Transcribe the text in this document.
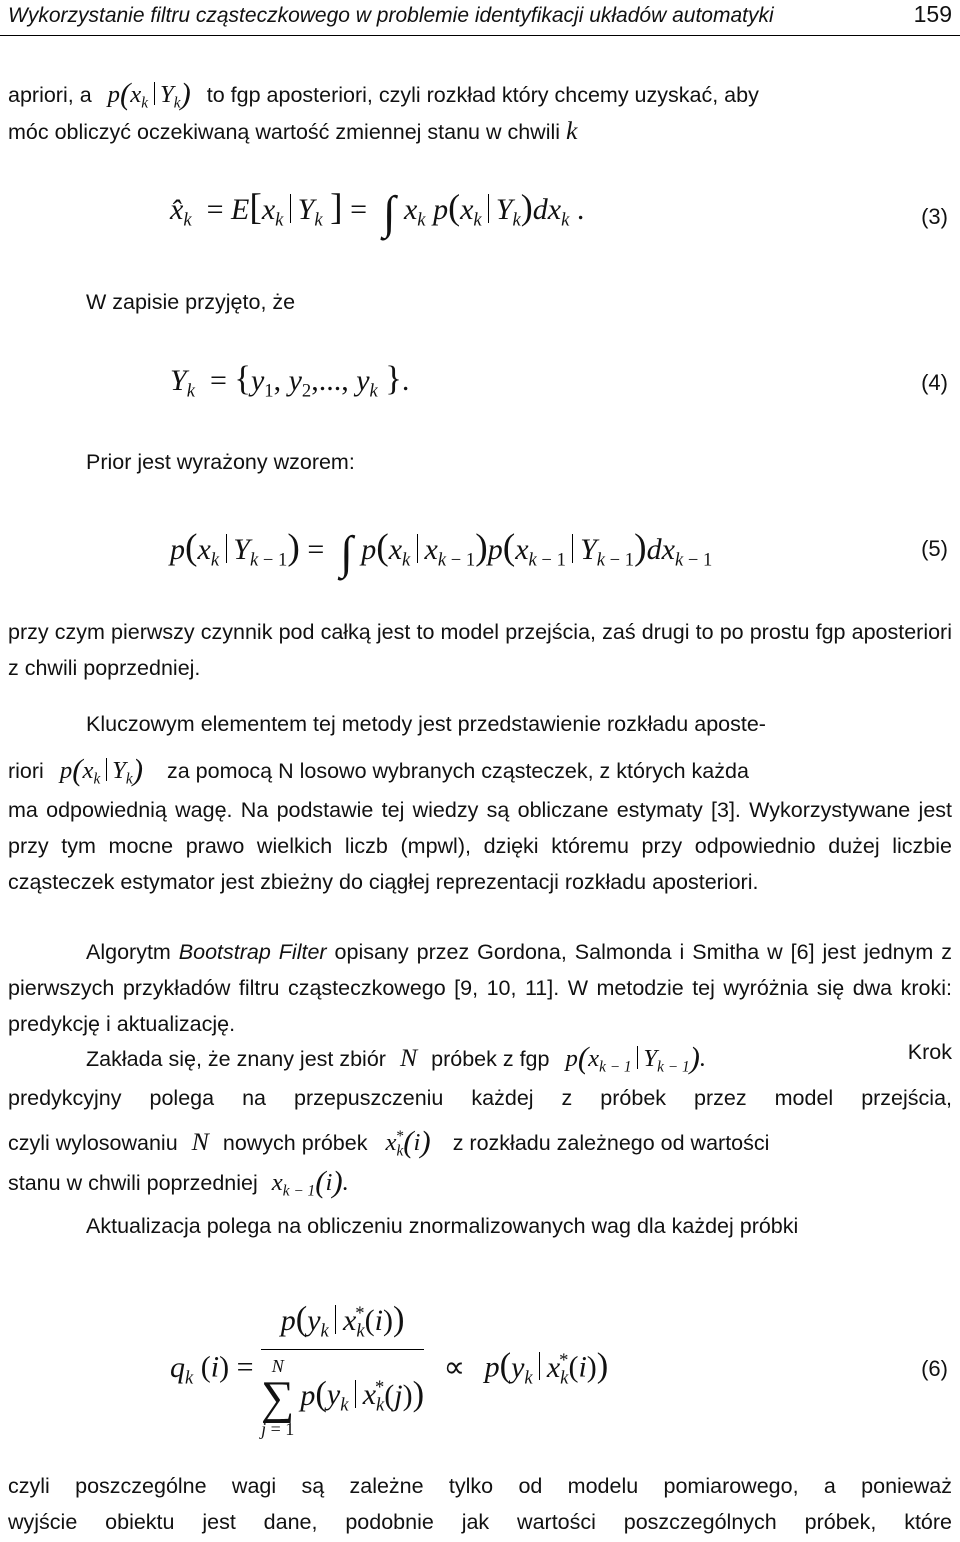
Wykorzystanie filtru cząsteczkowego w problemie identyfikacji układów automatyki	159
apriori, a $p(x_k$ $Y_k$) to fgp aposteriori, czyli rozkład który chcemy uzyskać, aby
móc obliczyć oczekiwaną wartość zmiennej stanu w chwili k
$x̂_k = E[x_k$ $Y_k$ ] = ∫ $x_k$ $p(x_k$ $Y_k)dx_k$ .	(3)
W zapisie przyjęto, że
$Y_k = \{y_1$, $y_2$,..., $y_k$ }.	(4)
Prior jest wyrażony wzorem:
$p(x_k$ $Y_{k - 1}$) = ∫ $p(x_k$ $x_{k - 1})p(x_{k - 1}$ $Y_{k - 1})dx_{k - 1}$	(5)
przy czym pierwszy czynnik pod całką jest to model przejścia, zaś drugi to po prostu fgp aposteriori z chwili poprzedniej.
Kluczowym elementem tej metody jest przedstawienie rozkładu aposte-
riori $p(x_k$ $Y_k$) za pomocą N losowo wybranych cząsteczek, z których każda
ma odpowiednią wagę. Na podstawie tej wiedzy są obliczane estymaty [3]. Wykorzystywane jest przy tym mocne prawo wielkich liczb (mpwl), dzięki któremu przy odpowiednio dużej liczbie cząsteczek estymator jest zbieżny do ciągłej reprezentacji rozkładu aposteriori.
Algorytm Bootstrap Filter opisany przez Gordona, Salmonda i Smitha w [6] jest jednym z pierwszych przykładów filtru cząsteczkowego [9, 10, 11]. W metodzie tej wyróżnia się dwa kroki: predykcję i aktualizację.
Zakłada się, że znany jest zbiór N próbek z fgp $p(x_{k - 1}$ $Y_{k - 1}$).	Krok
predykcyjny polega na przepuszczeniu każdej z próbek przez model przejścia,
czyli wylosowaniu N nowych próbek $x_k^*(i)$ z rozkładu zależnego od wartości
stanu w chwili poprzedniej $x_{k - 1}(i)$.
Aktualizacja polega na obliczeniu znormalizowanych wag dla każdej próbki
$q_k$ $(i) = p(y_k$ $x_k^*(i)$)
N
∑
$j = 1p(y_k$ $x_k^*(j)) \propto p(y_k$ $x_k^*(i)$)	(6)
czyli poszczególne wagi są zależne tylko od modelu pomiarowego, a ponieważ
wyjście obiektu jest dane, podobnie jak wartości poszczególnych próbek, które
